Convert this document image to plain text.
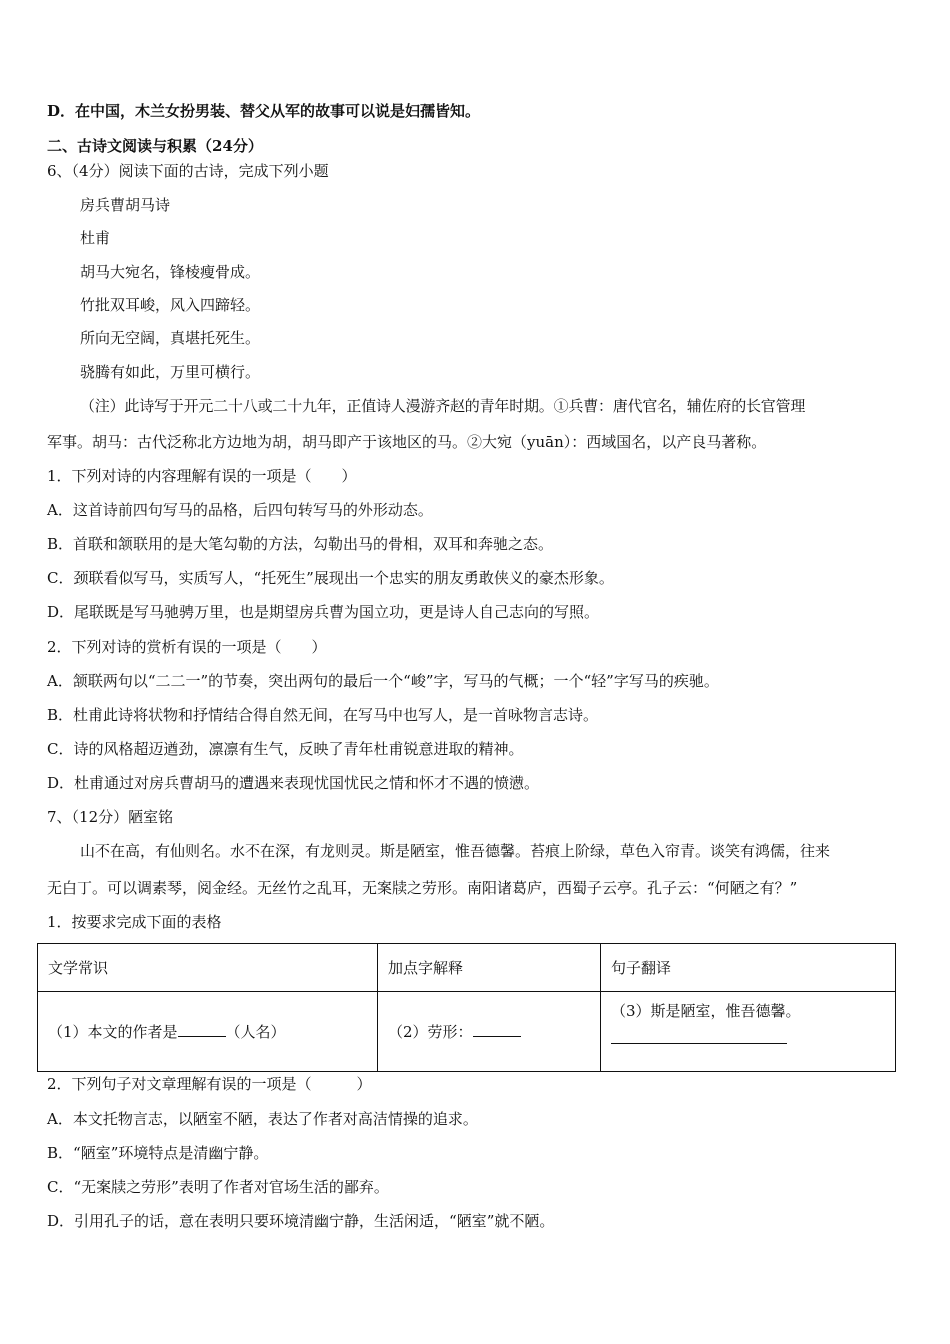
D．在中国，木兰女扮男装、替父从军的故事可以说是妇孺皆知。
二、古诗文阅读与积累（24分）
6、（4分）阅读下面的古诗，完成下列小题
房兵曹胡马诗
杜甫
胡马大宛名，锋棱瘦骨成。
竹批双耳峻，风入四蹄轻。
所向无空阔，真堪托死生。
骁腾有如此，万里可横行。
（注）此诗写于开元二十八或二十九年，正值诗人漫游齐赵的青年时期。①兵曹：唐代官名，辅佐府的长官管理
军事。胡马：古代泛称北方边地为胡，胡马即产于该地区的马。②大宛（yuān）：西域国名，以产良马著称。
1．下列对诗的内容理解有误的一项是（　　）
A．这首诗前四句写马的品格，后四句转写马的外形动态。
B．首联和颔联用的是大笔勾勒的方法，勾勒出马的骨相，双耳和奔驰之态。
C．颈联看似写马，实质写人，“托死生”展现出一个忠实的朋友勇敢侠义的豪杰形象。
D．尾联既是写马驰骋万里，也是期望房兵曹为国立功，更是诗人自己志向的写照。
2．下列对诗的赏析有误的一项是（　　）
A．颔联两句以“二二一”的节奏，突出两句的最后一个“峻”字，写马的气概；一个“轻”字写马的疾驰。
B．杜甫此诗将状物和抒情结合得自然无间，在写马中也写人，是一首咏物言志诗。
C．诗的风格超迈遒劲，凛凛有生气，反映了青年杜甫锐意进取的精神。
D．杜甫通过对房兵曹胡马的遭遇来表现忧国忧民之情和怀才不遇的愤懑。
7、（12分）陋室铭
山不在高，有仙则名。水不在深，有龙则灵。斯是陋室，惟吾德馨。苔痕上阶绿，草色入帘青。谈笑有鸿儒，往来
无白丁。可以调素琴，阅金经。无丝竹之乱耳，无案牍之劳形。南阳诸葛庐，西蜀子云亭。孔子云：“何陋之有？”
1．按要求完成下面的表格
文学常识	加点字解释	句子翻译
（1）本文的作者是 （人名）	（2）劳形：	（3）斯是陋室，惟吾德馨。
2．下列句子对文章理解有误的一项是（　　　）
A．本文托物言志，以陋室不陋，表达了作者对高洁情操的追求。
B．“陋室”环境特点是清幽宁静。
C．“无案牍之劳形”表明了作者对官场生活的鄙弃。
D．引用孔子的话，意在表明只要环境清幽宁静，生活闲适，“陋室”就不陋。
